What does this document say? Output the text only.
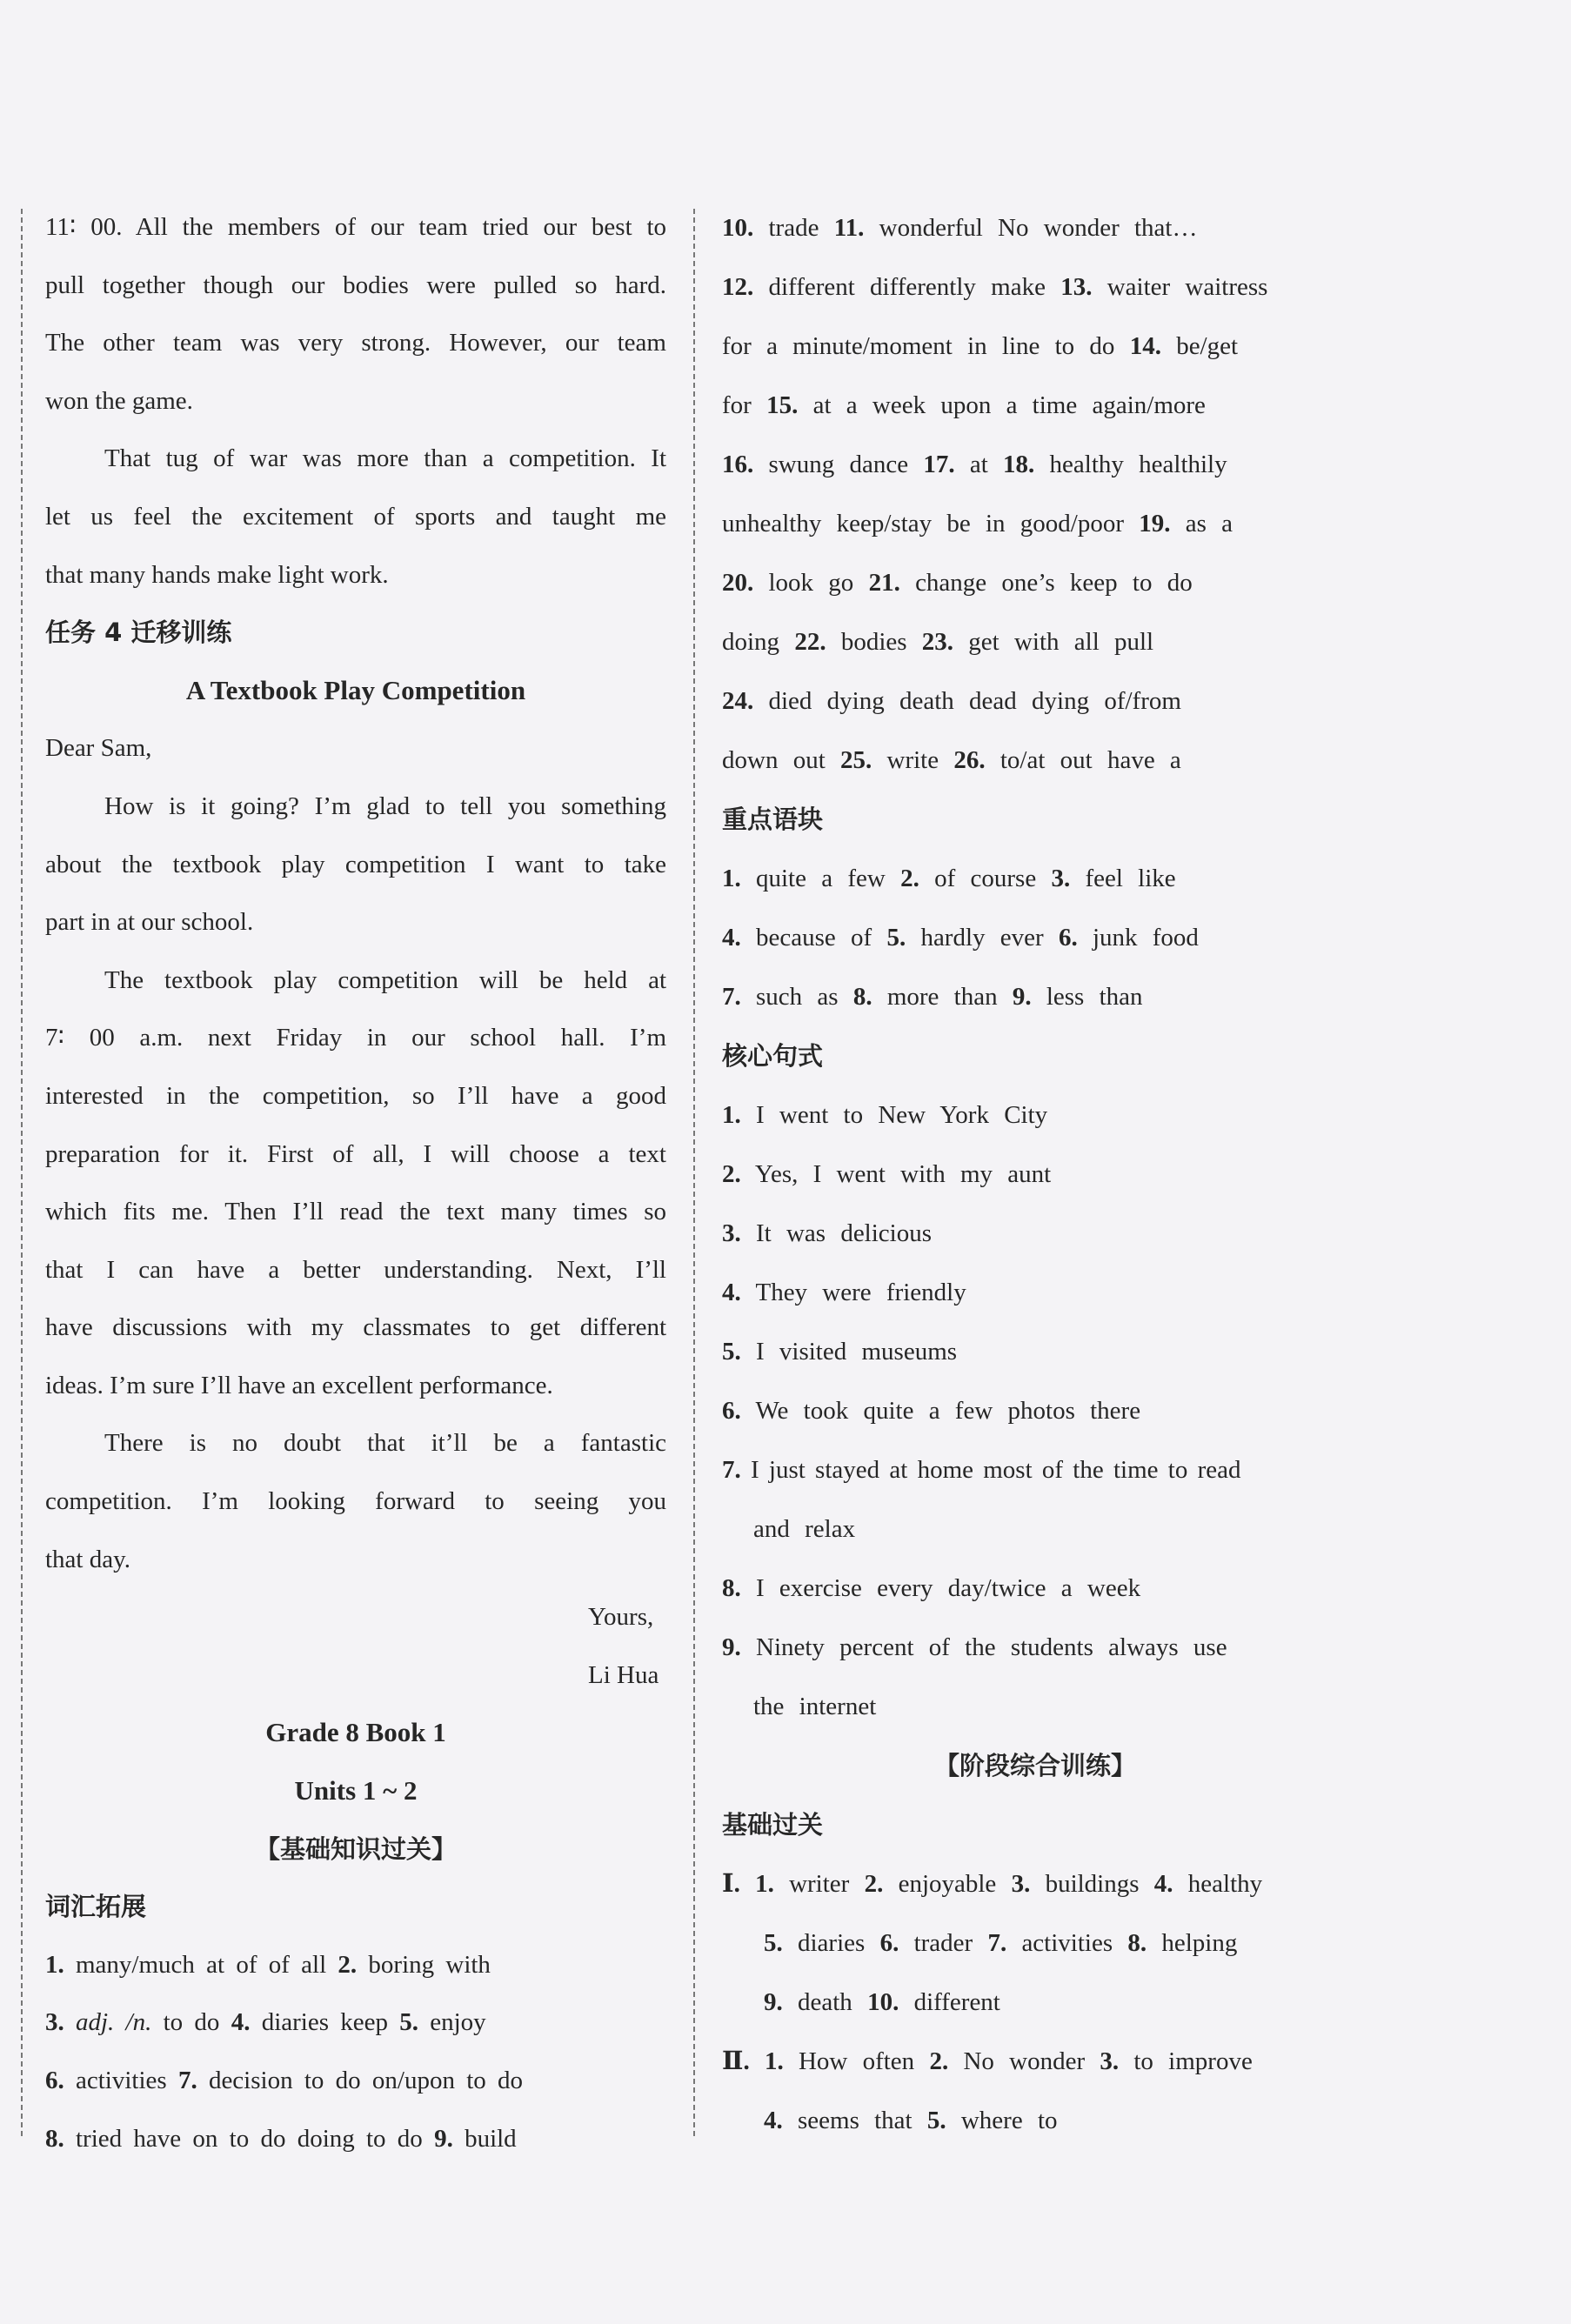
11∶ 00. All the members of our team tried our best to
pull together though our bodies were pulled so hard.
The other team was very strong. However, our team
won the game.
That tug of war was more than a competition. It
let us feel the excitement of sports and taught me
that many hands make light work.
任务 4 迁移训练
A Textbook Play Competition
Dear Sam,
How is it going? I’m glad to tell you something
about the textbook play competition I want to take
part in at our school.
The textbook play competition will be held at
7∶ 00 a.m. next Friday in our school hall. I’m
interested in the competition, so I’ll have a good
preparation for it. First of all, I will choose a text
which fits me. Then I’ll read the text many times so
that I can have a better understanding. Next, I’ll
have discussions with my classmates to get different
ideas. I’m sure I’ll have an excellent performance.
There is no doubt that it’ll be a fantastic
competition. I’m looking forward to seeing you
that day.
Yours,
Li Hua
Grade 8 Book 1
Units 1 ~ 2
【基础知识过关】
词汇拓展
1. many/much at of of all 2. boring with
3. adj. /n. to do 4. diaries keep 5. enjoy
6. activities 7. decision to do on/upon to do
8. tried have on to do doing to do 9. build
10. trade 11. wonderful No wonder that…
12. different differently make 13. waiter waitress
for a minute/moment in line to do 14. be/get
for 15. at a week upon a time again/more
16. swung dance 17. at 18. healthy healthily
unhealthy keep/stay be in good/poor 19. as a
20. look go 21. change one’s keep to do
doing 22. bodies 23. get with all pull
24. died dying death dead dying of/from
down out 25. write 26. to/at out have a
重点语块
1. quite a few 2. of course 3. feel like
4. because of 5. hardly ever 6. junk food
7. such as 8. more than 9. less than
核心句式
1. I went to New York City
2. Yes, I went with my aunt
3. It was delicious
4. They were friendly
5. I visited museums
6. We took quite a few photos there
7. I just stayed at home most of the time to read
and relax
8. I exercise every day/twice a week
9. Ninety percent of the students always use
the internet
【阶段综合训练】
基础过关
Ⅰ. 1. writer 2. enjoyable 3. buildings 4. healthy
5. diaries 6. trader 7. activities 8. helping
9. death 10. different
Ⅱ. 1. How often 2. No wonder 3. to improve
4. seems that 5. where to
